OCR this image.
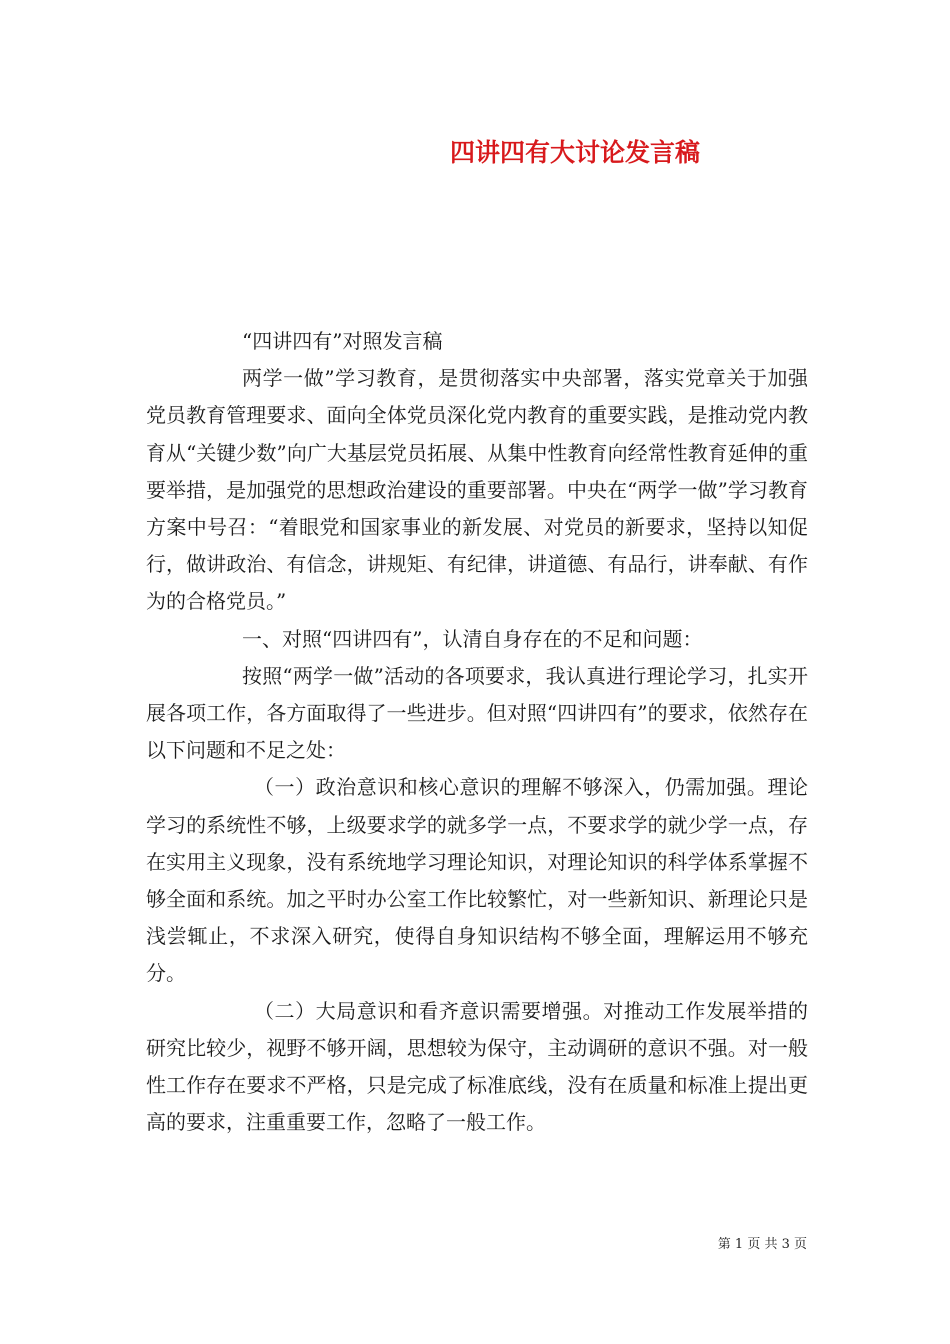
四讲四有大讨论发言稿

“四讲四有”对照发言稿

两学一做”学习教育，是贯彻落实中央部署，落实党章关于加强党员教育管理要求、面向全体党员深化党内教育的重要实践，是推动党内教育从“关键少数”向广大基层党员拓展、从集中性教育向经常性教育延伸的重要举措，是加强党的思想政治建设的重要部署。中央在“两学一做”学习教育方案中号召：“着眼党和国家事业的新发展、对党员的新要求，坚持以知促行，做讲政治、有信念，讲规矩、有纪律，讲道德、有品行，讲奉献、有作为的合格党员。”

一、对照“四讲四有”，认清自身存在的不足和问题：

按照“两学一做”活动的各项要求，我认真进行理论学习，扎实开展各项工作，各方面取得了一些进步。但对照“四讲四有”的要求，依然存在以下问题和不足之处：

（一）政治意识和核心意识的理解不够深入，仍需加强。理论学习的系统性不够，上级要求学的就多学一点，不要求学的就少学一点，存在实用主义现象，没有系统地学习理论知识，对理论知识的科学体系掌握不够全面和系统。加之平时办公室工作比较繁忙，对一些新知识、新理论只是浅尝辄止，不求深入研究，使得自身知识结构不够全面，理解运用不够充分。

（二）大局意识和看齐意识需要增强。对推动工作发展举措的研究比较少，视野不够开阔，思想较为保守，主动调研的意识不强。对一般性工作存在要求不严格，只是完成了标准底线，没有在质量和标准上提出更高的要求，注重重要工作，忽略了一般工作。

第 1 页 共 3 页
